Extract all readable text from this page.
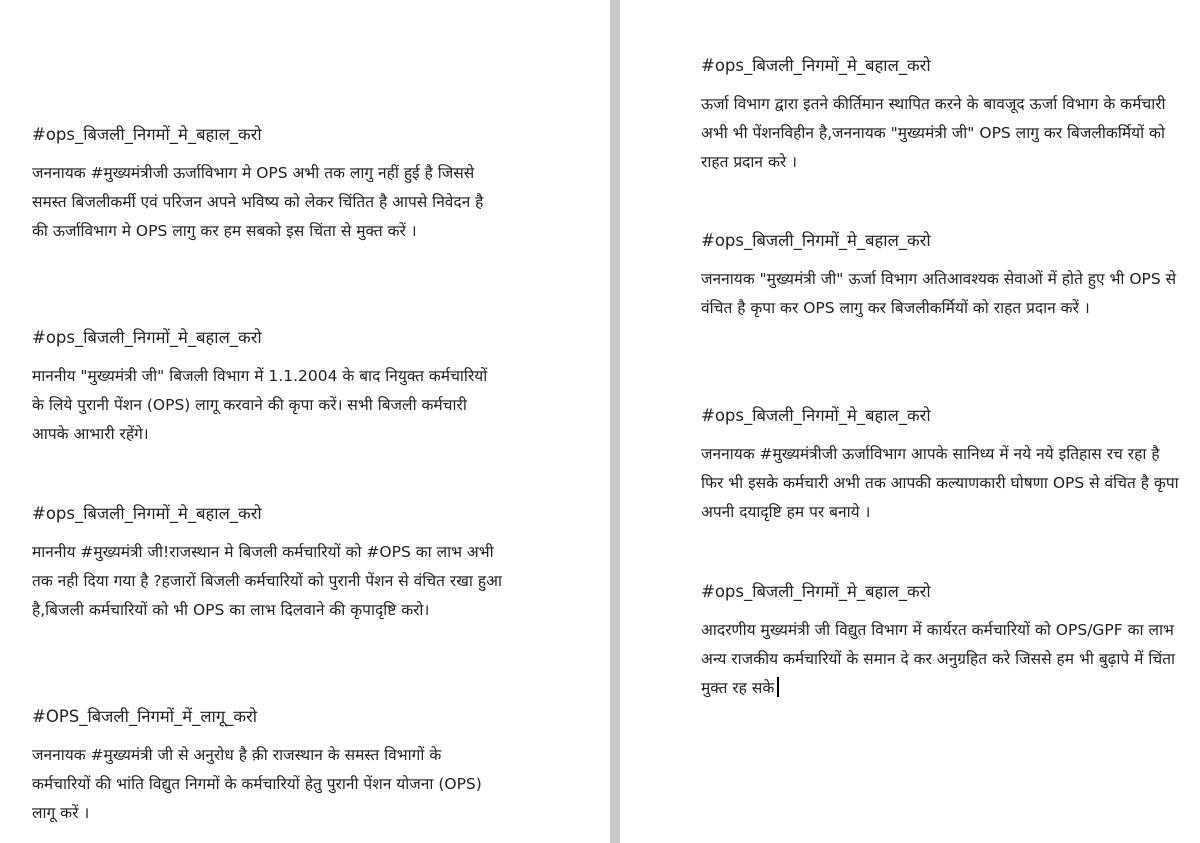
#ops_बिजली_निगमों_मे_बहाल_करो

जननायक #मुख्यमंत्रीजी ऊर्जाविभाग मे OPS अभी तक लागु नहीं हुई है जिससे समस्त बिजलीकर्मी एवं परिजन अपने भविष्य को लेकर चिंतित है आपसे निवेदन है की ऊर्जाविभाग मे OPS लागु कर हम सबको इस चिंता से मुक्त करें ।

#ops_बिजली_निगमों_मे_बहाल_करो

माननीय "मुख्यमंत्री जी" बिजली विभाग में 1.1.2004 के बाद नियुक्त कर्मचारियों के लिये पुरानी पेंशन (OPS) लागू करवाने की कृपा करें। सभी बिजली कर्मचारी आपके आभारी रहेंगे।

#ops_बिजली_निगमों_मे_बहाल_करो

माननीय #मुख्यमंत्री जी!राजस्थान मे बिजली कर्मचारियों को #OPS का लाभ अभी तक नही दिया गया है ?हजारों बिजली कर्मचारियों को पुरानी पेंशन से वंचित रखा हुआ है,बिजली कर्मचारियों को भी OPS का लाभ दिलवाने की कृपादृष्टि करो।

#OPS_बिजली_निगमों_में_लागू_करो

जननायक #मुख्यमंत्री जी से अनुरोध है क़ी राजस्थान के समस्त विभागों के कर्मचारियों की भांति विद्युत निगमों के कर्मचारियों हेतु पुरानी पेंशन योजना (OPS) लागू करें ।

#ops_बिजली_निगमों_मे_बहाल_करो

ऊर्जा विभाग द्वारा इतने कीर्तिमान स्थापित करने के बावजूद ऊर्जा विभाग के कर्मचारी अभी भी पेंशनविहीन है,जननायक "मुख्यमंत्री जी" OPS लागु कर बिजलीकर्मियों को राहत प्रदान करे ।

#ops_बिजली_निगमों_मे_बहाल_करो

जननायक "मुख्यमंत्री जी" ऊर्जा विभाग अतिआवश्यक सेवाओं में होते हुए भी OPS से वंचित है कृपा कर OPS लागु कर बिजलीकर्मियों को राहत प्रदान करें ।

#ops_बिजली_निगमों_मे_बहाल_करो

जननायक #मुख्यमंत्रीजी ऊर्जाविभाग आपके सानिध्य में नये नये इतिहास रच रहा है फिर भी इसके कर्मचारी अभी तक आपकी कल्याणकारी घोषणा OPS से वंचित है कृपा अपनी दयादृष्टि हम पर बनाये ।

#ops_बिजली_निगमों_मे_बहाल_करो

आदरणीय मुख्यमंत्री जी विद्युत विभाग में कार्यरत कर्मचारियों को OPS/GPF का लाभ अन्य राजकीय कर्मचारियों के समान दे कर अनुग्रहित करे जिससे हम भी बुढ़ापे में चिंता मुक्त रह सके
